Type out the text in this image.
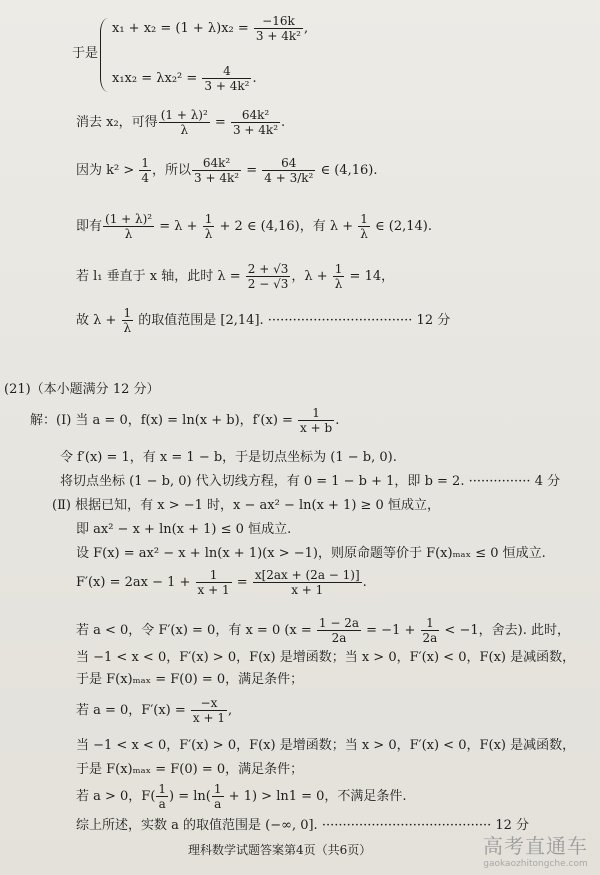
$x_1 + x_2 = (1 + \lambda)x_2 = \frac{-16k}{\text{3 + 4k²}}$ ,
于是
$x_1x_2 = \lambda x_2^2 = \frac{4}{\text{3 + 4k²}}$ .
消去 x₂，可得 $\frac{\text{(1 + λ)²}}{\lambda} = \frac{\text{64k²}}{\text{3 + 4k²}}$ .
因为 $k^2 > \frac{1}{4}$ ，所以 $\frac{\text{64k²}}{\text{3 + 4k²}} = \frac{64}{\text{4 + 3/k²}}$ ∈ (4,16).
即有 $\frac{\text{(1 + λ)²}}{\lambda} = \lambda + \frac{1}{\lambda} + 2$ ∈ (4,16)，有 $\lambda + \frac{1}{\lambda}$ ∈ (2,14).
若 l₁ 垂直于 x 轴，此时 $\lambda = \frac{2 + √3}{2 - √3}$ ，$\lambda + \frac{1}{\lambda} = 14$，
故 $\lambda + \frac{1}{\lambda}$ 的取值范围是 [2,14]. ··································· 12 分
(21)（本小题满分 12 分）
解：(Ⅰ) 当 a = 0，f(x) = ln(x + b)，$f'(x) = \frac{1}{x + b}$ .
令 f′(x) = 1，有 x = 1 − b，于是切点坐标为 (1 − b, 0).
将切点坐标 (1 − b, 0) 代入切线方程，有 0 = 1 − b + 1，即 b = 2. ··············· 4 分
(Ⅱ) 根据已知，有 x > −1 时，x − ax² − ln(x + 1) ≥ 0 恒成立，
即 ax² − x + ln(x + 1) ≤ 0 恒成立.
设 F(x) = ax² − x + ln(x + 1)(x > −1)，则原命题等价于 F(x)ₘₐₓ ≤ 0 恒成立.
$F'(x) = 2ax - 1 + \frac{1}{x + 1} = \frac{x[2ax + (2a - 1)]}{x + 1}$ .
若 a < 0，令 F′(x) = 0，有 x = 0 ($x = \frac{1 - 2a}{2a} = -1 + \frac{1}{2a} < -1$，舍去). 此时，
当 −1 < x < 0，F′(x) > 0，F(x) 是增函数；当 x > 0，F′(x) < 0，F(x) 是减函数，
于是 F(x)ₘₐₓ = F(0) = 0，满足条件；
若 a = 0，$F'(x) = \frac{-x}{x + 1}$ ,
当 −1 < x < 0，F′(x) > 0，F(x) 是增函数；当 x > 0，F′(x) < 0，F(x) 是减函数，
于是 F(x)ₘₐₓ = F(0) = 0，满足条件；
若 a > 0，$F( \frac{1}{a}$ ) = $\ln( \frac{1}{a} + 1) > \ln 1 = 0$，不满足条件.
综上所述，实数 a 的取值范围是 (−∞, 0]. ········································· 12 分
理科数学试题答案第4页（共6页）	高考直通车
gaokaozhitongche.com
